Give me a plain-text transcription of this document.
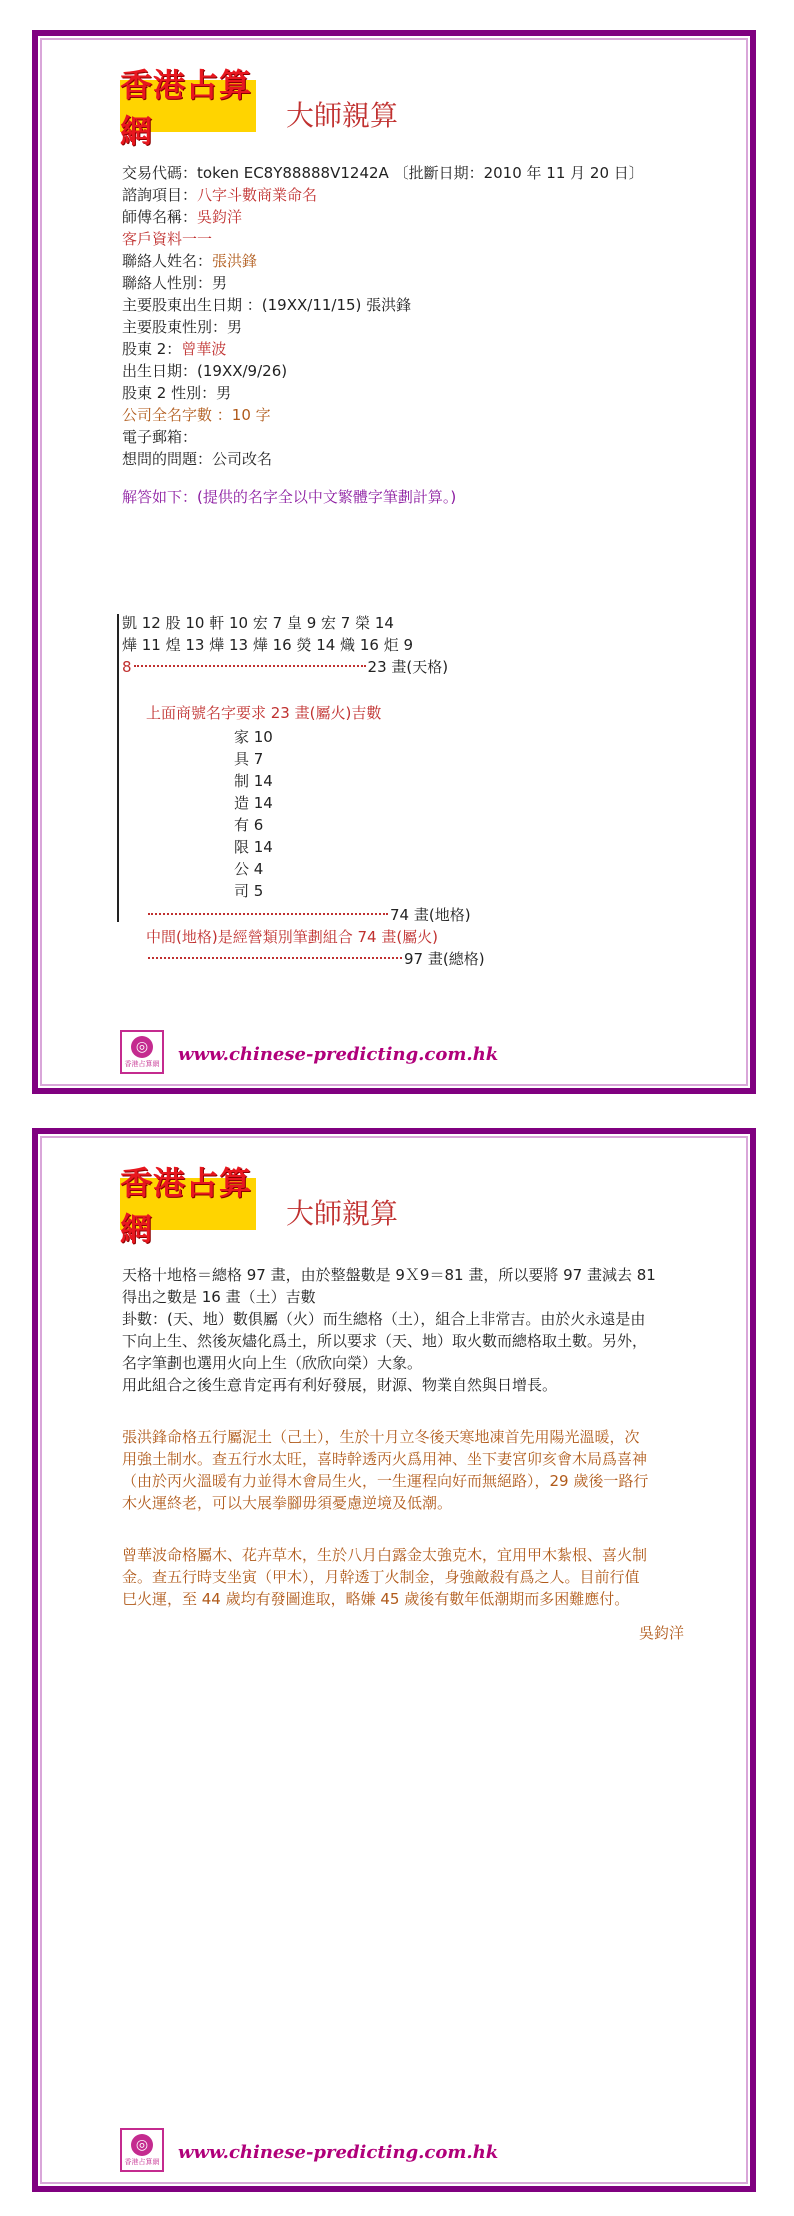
香港占算網	大師親算
交易代碼：token EC8Y88888V1242A 〔批斷日期：2010 年 11 月 20 日〕
諮詢項目：八字斗數商業命名
師傅名稱：吳鈞洋
客戶資料一一
聯絡人姓名：張洪鋒
聯絡人性別：男
主要股東出生日期 ：(19XX/11/15) 張洪鋒
主要股東性別：男
股東 2：曾華波
出生日期：(19XX/9/26)
股東 2 性別：男
公司全名字數 ：10 字
電子郵箱：
想問的問題：公司改名
解答如下：(提供的名字全以中文繁體字筆劃計算。)
凱 12 股 10 軒 10 宏 7 皇 9 宏 7 榮 14
燁 11 煌 13 燁 13 燁 16 熒 14 熾 16 炬 9
8	23 畫(天格)
上面商號名字要求 23 畫(屬火)吉數
家 10
具 7
制 14
造 14
有 6
限 14
公 4
司 5
74 畫(地格)
中間(地格)是經營類別筆劃組合 74 畫(屬火)
97 畫(總格)
◎
香港占算網 www.chinese-predicting.com.hk
香港占算網	大師親算
天格十地格＝總格 97 畫，由於整盤數是 9Ｘ9＝81 畫，所以要將 97 畫減去 81
得出之數是 16 畫（土）吉數
卦數：(天、地）數俱屬（火）而生總格（土），組合上非常吉。由於火永遠是由
下向上生、然後灰燼化爲土，所以要求（天、地）取火數而總格取土數。另外，
名字筆劃也選用火向上生（欣欣向榮）大象。
用此組合之後生意肯定再有利好發展，財源、物業自然與日增長。
張洪鋒命格五行屬泥土（己土），生於十月立冬後天寒地凍首先用陽光溫暖，次
用強土制水。查五行水太旺，喜時幹透丙火爲用神、坐下妻宮卯亥會木局爲喜神
（由於丙火溫暖有力並得木會局生火，一生運程向好而無絕路），29 歲後一路行
木火運終老，可以大展拳腳毋須憂慮逆境及低潮。
曾華波命格屬木、花卉草木，生於八月白露金太強克木，宜用甲木紮根、喜火制
金。查五行時支坐寅（甲木），月幹透丁火制金，身強敵殺有爲之人。目前行值
巳火運，至 44 歲均有發圖進取，略嫌 45 歲後有數年低潮期而多困難應付。
吳鈞洋
◎
香港占算網 www.chinese-predicting.com.hk
